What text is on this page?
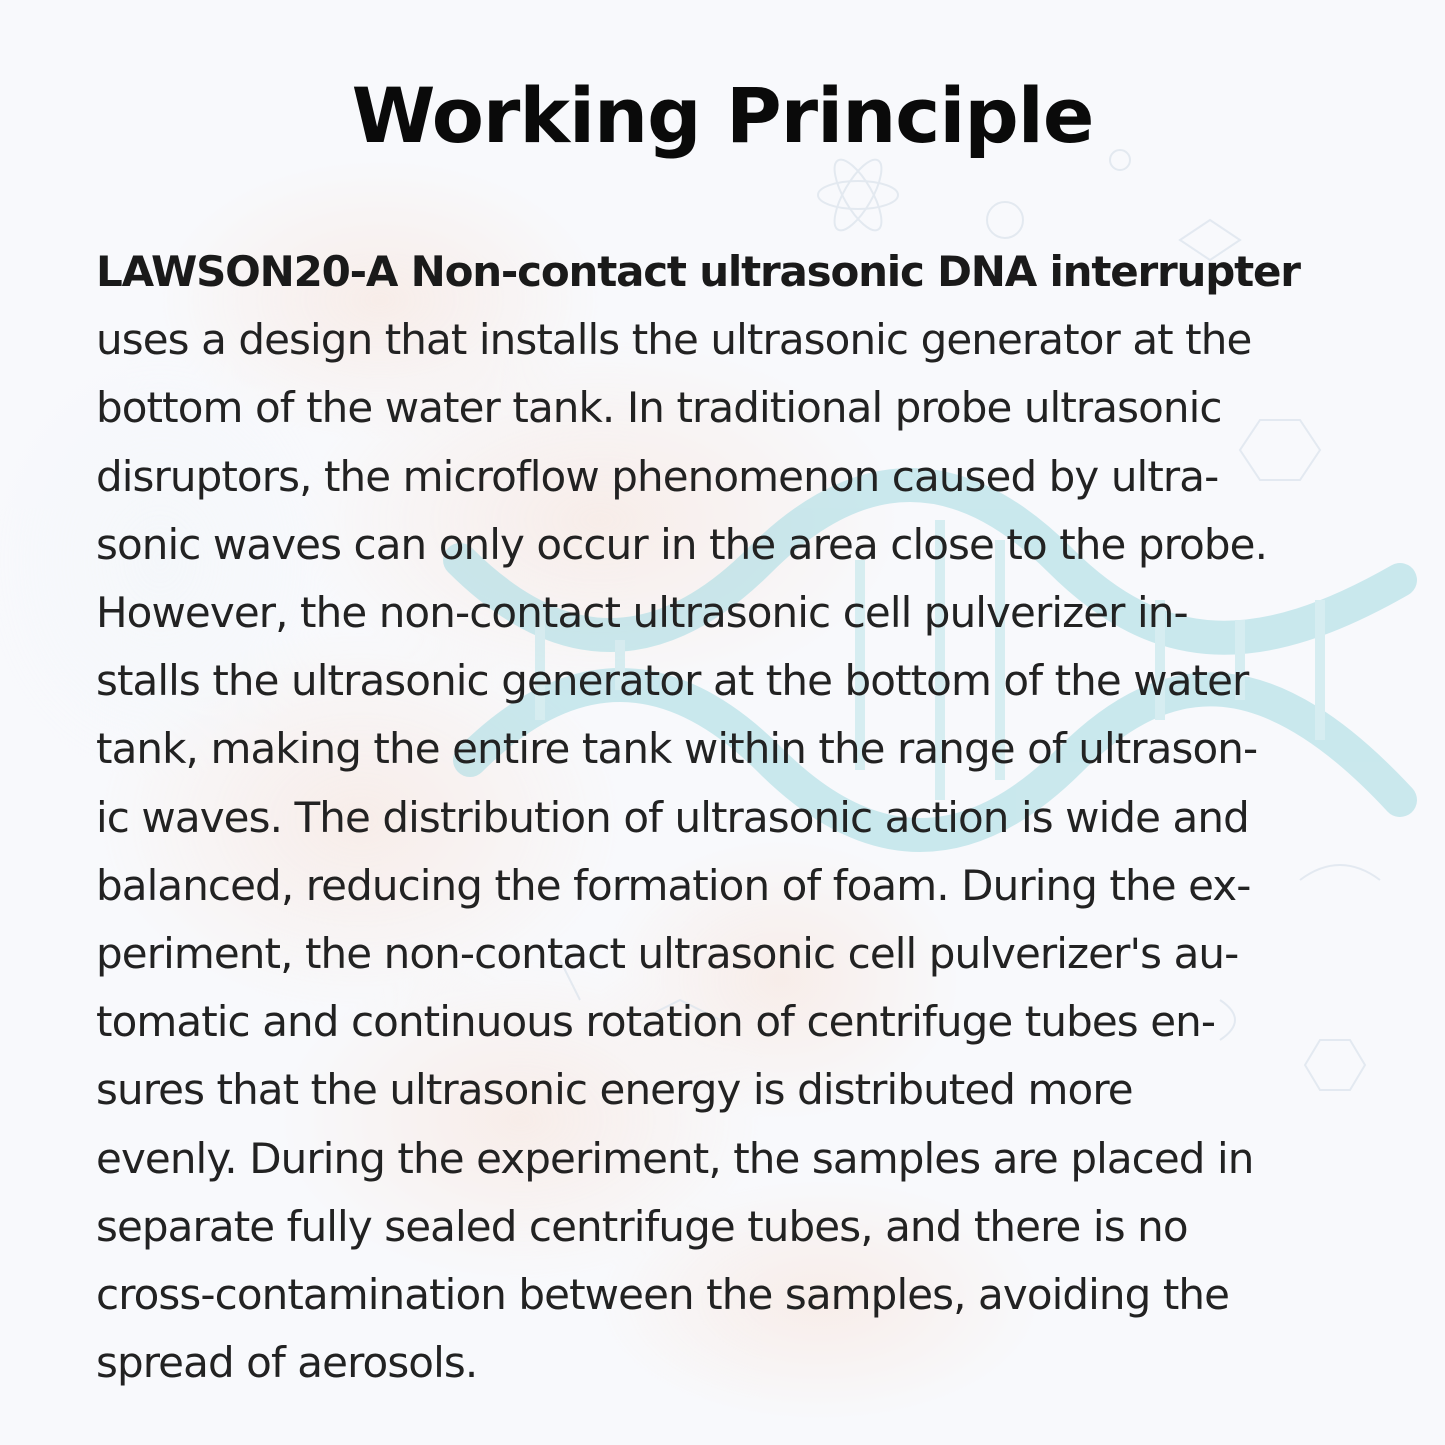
Working Principle
LAWSON20-A Non-contact ultrasonic DNA interrupter
uses a design that installs the ultrasonic generator at the
bottom of the water tank. In traditional probe ultrasonic
disruptors, the microflow phenomenon caused by ultra-
sonic waves can only occur in the area close to the probe.
However, the non-contact ultrasonic cell pulverizer in-
stalls the ultrasonic generator at the bottom of the water
tank, making the entire tank within the range of ultrason-
ic waves. The distribution of ultrasonic action is wide and
balanced, reducing the formation of foam. During the ex-
periment, the non-contact ultrasonic cell pulverizer's au-
tomatic and continuous rotation of centrifuge tubes en-
sures that the ultrasonic energy is distributed more
evenly. During the experiment, the samples are placed in
separate fully sealed centrifuge tubes, and there is no
cross-contamination between the samples, avoiding the
spread of aerosols.
